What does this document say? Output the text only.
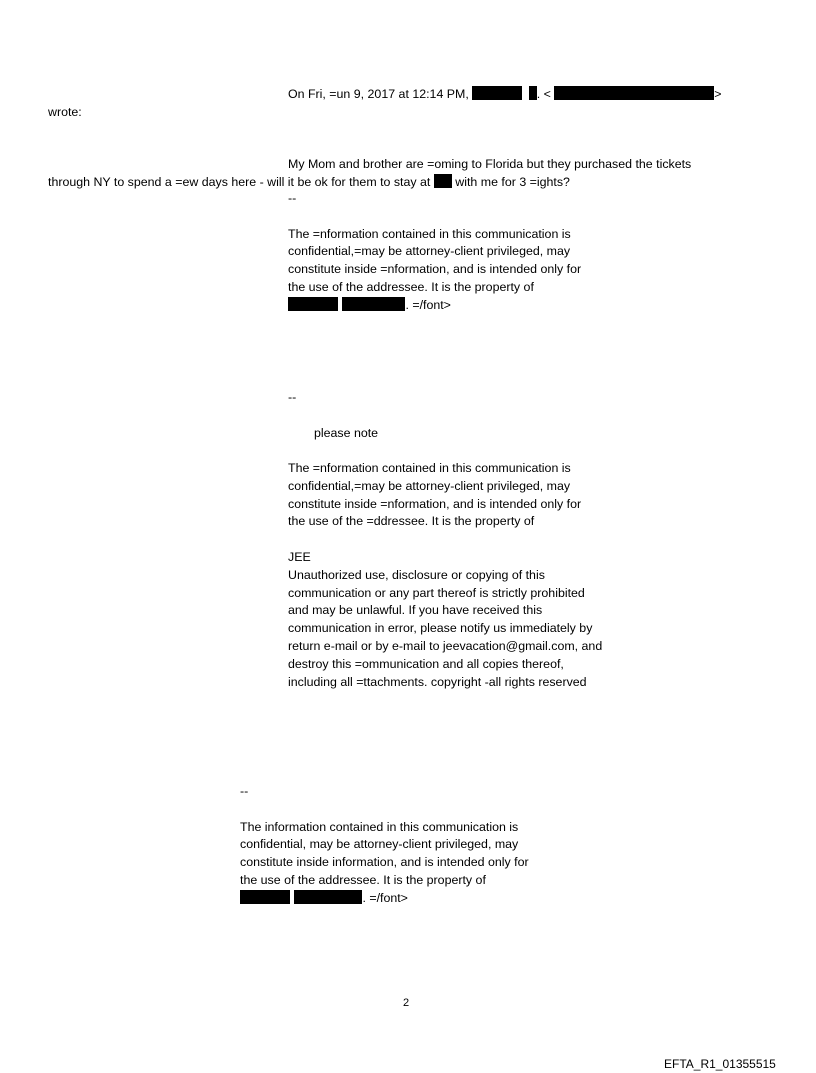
On Fri, =un 9, 2017 at 12:14 PM,	. <	>
wrote:
My Mom and brother are =oming to Florida but they purchased the tickets
through NY to spend a =ew days here - will it be ok for them to stay at with me for 3 =ights?
--
The =nformation contained in this communication is
confidential,=may be attorney-client privileged, may
constitute inside =nformation, and is intended only for
the use of the addressee. It is the property of
. =/font>
--
please note
The =nformation contained in this communication is
confidential,=may be attorney-client privileged, may
constitute inside =nformation, and is intended only for
the use of the =ddressee. It is the property of
JEE
Unauthorized use, disclosure or copying of this
communication or any part thereof is strictly prohibited
and may be unlawful. If you have received this
communication in error, please notify us immediately by
return e-mail or by e-mail to jeevacation@gmail.com, and
destroy this =ommunication and all copies thereof,
including all =ttachments. copyright -all rights reserved
--
The information contained in this communication is
confidential, may be attorney-client privileged, may
constitute inside information, and is intended only for
the use of the addressee. It is the property of
. =/font>
2
EFTA_R1_01355515
